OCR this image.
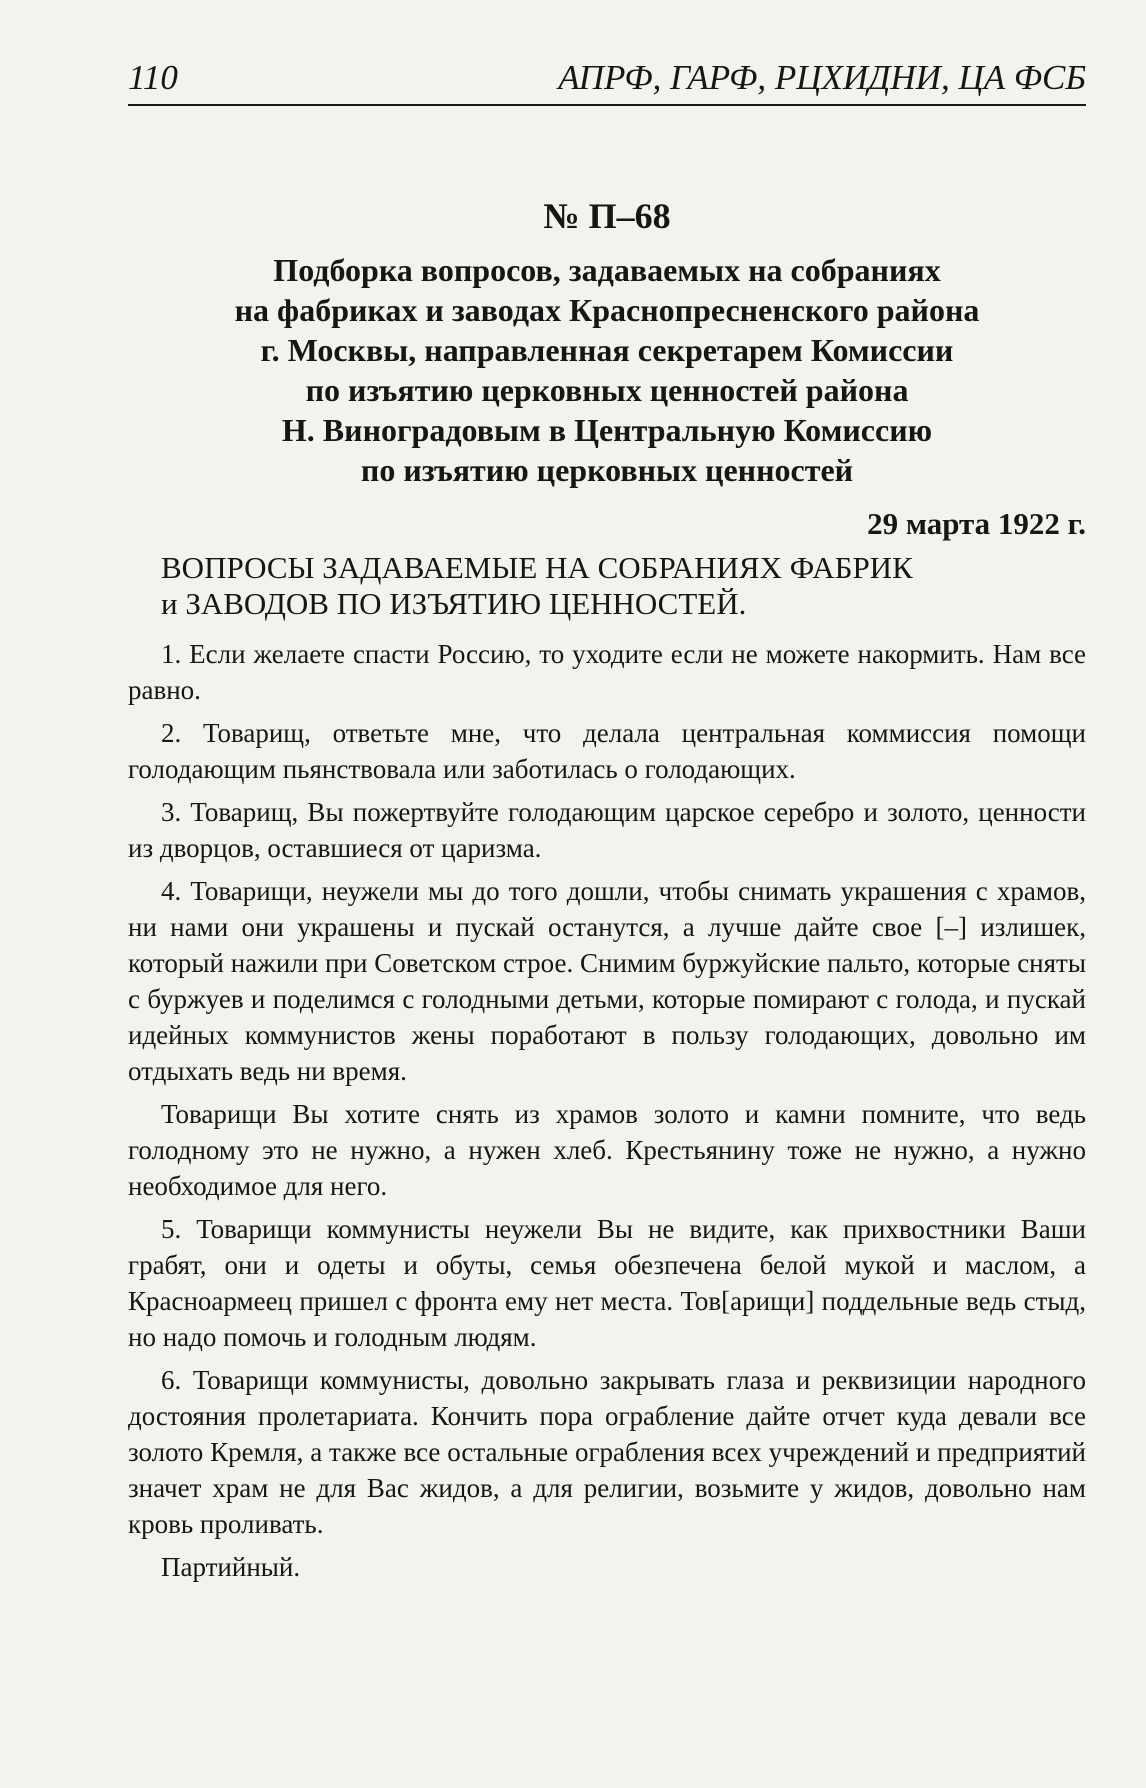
110	АПРФ, ГАРФ, РЦХИДНИ, ЦА ФСБ
№ П–68
Подборка вопросов, задаваемых на собраниях
на фабриках и заводах Краснопресненского района
г. Москвы, направленная секретарем Комиссии
по изъятию церковных ценностей района
Н. Виноградовым в Центральную Комиссию
по изъятию церковных ценностей
29 марта 1922 г.
ВОПРОСЫ ЗАДАВАЕМЫЕ НА СОБРАНИЯХ ФАБРИК
и ЗАВОДОВ ПО ИЗЪЯТИЮ ЦЕННОСТЕЙ.

1. Если желаете спасти Россию, то уходите если не можете накормить. Нам все равно.

2. Товарищ, ответьте мне, что делала центральная коммиссия помощи голодающим пьянствовала или заботилась о голодающих.

3. Товарищ, Вы пожертвуйте голодающим царское серебро и золото, ценности из дворцов, оставшиеся от царизма.

4. Товарищи, неужели мы до того дошли, чтобы снимать украшения с храмов, ни нами они украшены и пускай останутся, а лучше дайте свое [–] излишек, который нажили при Советском строе. Снимим буржуйские пальто, которые сняты с буржуев и поделимся с голодными детьми, которые помирают с голода, и пускай идейных коммунистов жены поработают в пользу голодающих, довольно им отдыхать ведь ни время.

Товарищи Вы хотите снять из храмов золото и камни помните, что ведь голодному это не нужно, а нужен хлеб. Крестьянину тоже не нужно, а нужно необходимое для него.

5. Товарищи коммунисты неужели Вы не видите, как прихвостники Ваши грабят, они и одеты и обуты, семья обезпечена белой мукой и маслом, а Красноармеец пришел с фронта ему нет места. Тов[арищи] поддельные ведь стыд, но надо помочь и голодным людям.

6. Товарищи коммунисты, довольно закрывать глаза и реквизиции народного достояния пролетариата. Кончить пора ограбление дайте отчет куда девали все золото Кремля, а также все остальные ограбления всех учреждений и предприятий значет храм не для Вас жидов, а для религии, возьмите у жидов, довольно нам кровь проливать.

Партийный.
